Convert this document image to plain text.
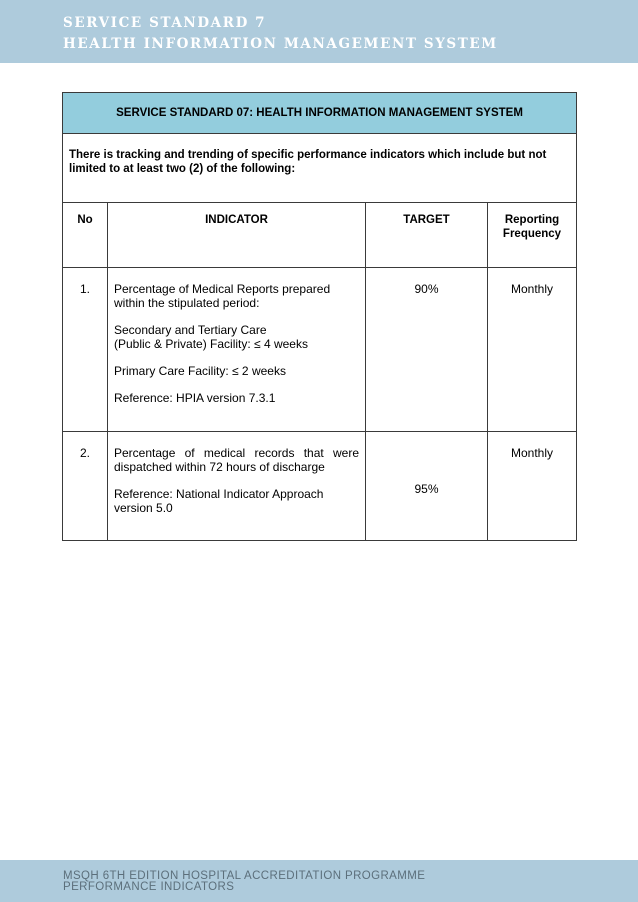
SERVICE STANDARD 7
HEALTH INFORMATION MANAGEMENT SYSTEM
SERVICE STANDARD 07: HEALTH INFORMATION MANAGEMENT SYSTEM			
There is tracking and trending of specific performance indicators which include but not limited to at least two (2) of the following:			
No	INDICATOR	TARGET	Reporting
Frequency
1.	Percentage of Medical Reports prepared within the stipulated period:

Secondary and Tertiary Care
(Public & Private) Facility: ≤ 4 weeks

Primary Care Facility: ≤ 2 weeks

Reference: HPIA version 7.3.1	90%	Monthly
2.	Percentage of medical records that were dispatched within 72 hours of discharge

Reference: National Indicator Approach version 5.0	95%	Monthly
MSQH 6TH EDITION HOSPITAL ACCREDITATION PROGRAMME
PERFORMANCE INDICATORS
